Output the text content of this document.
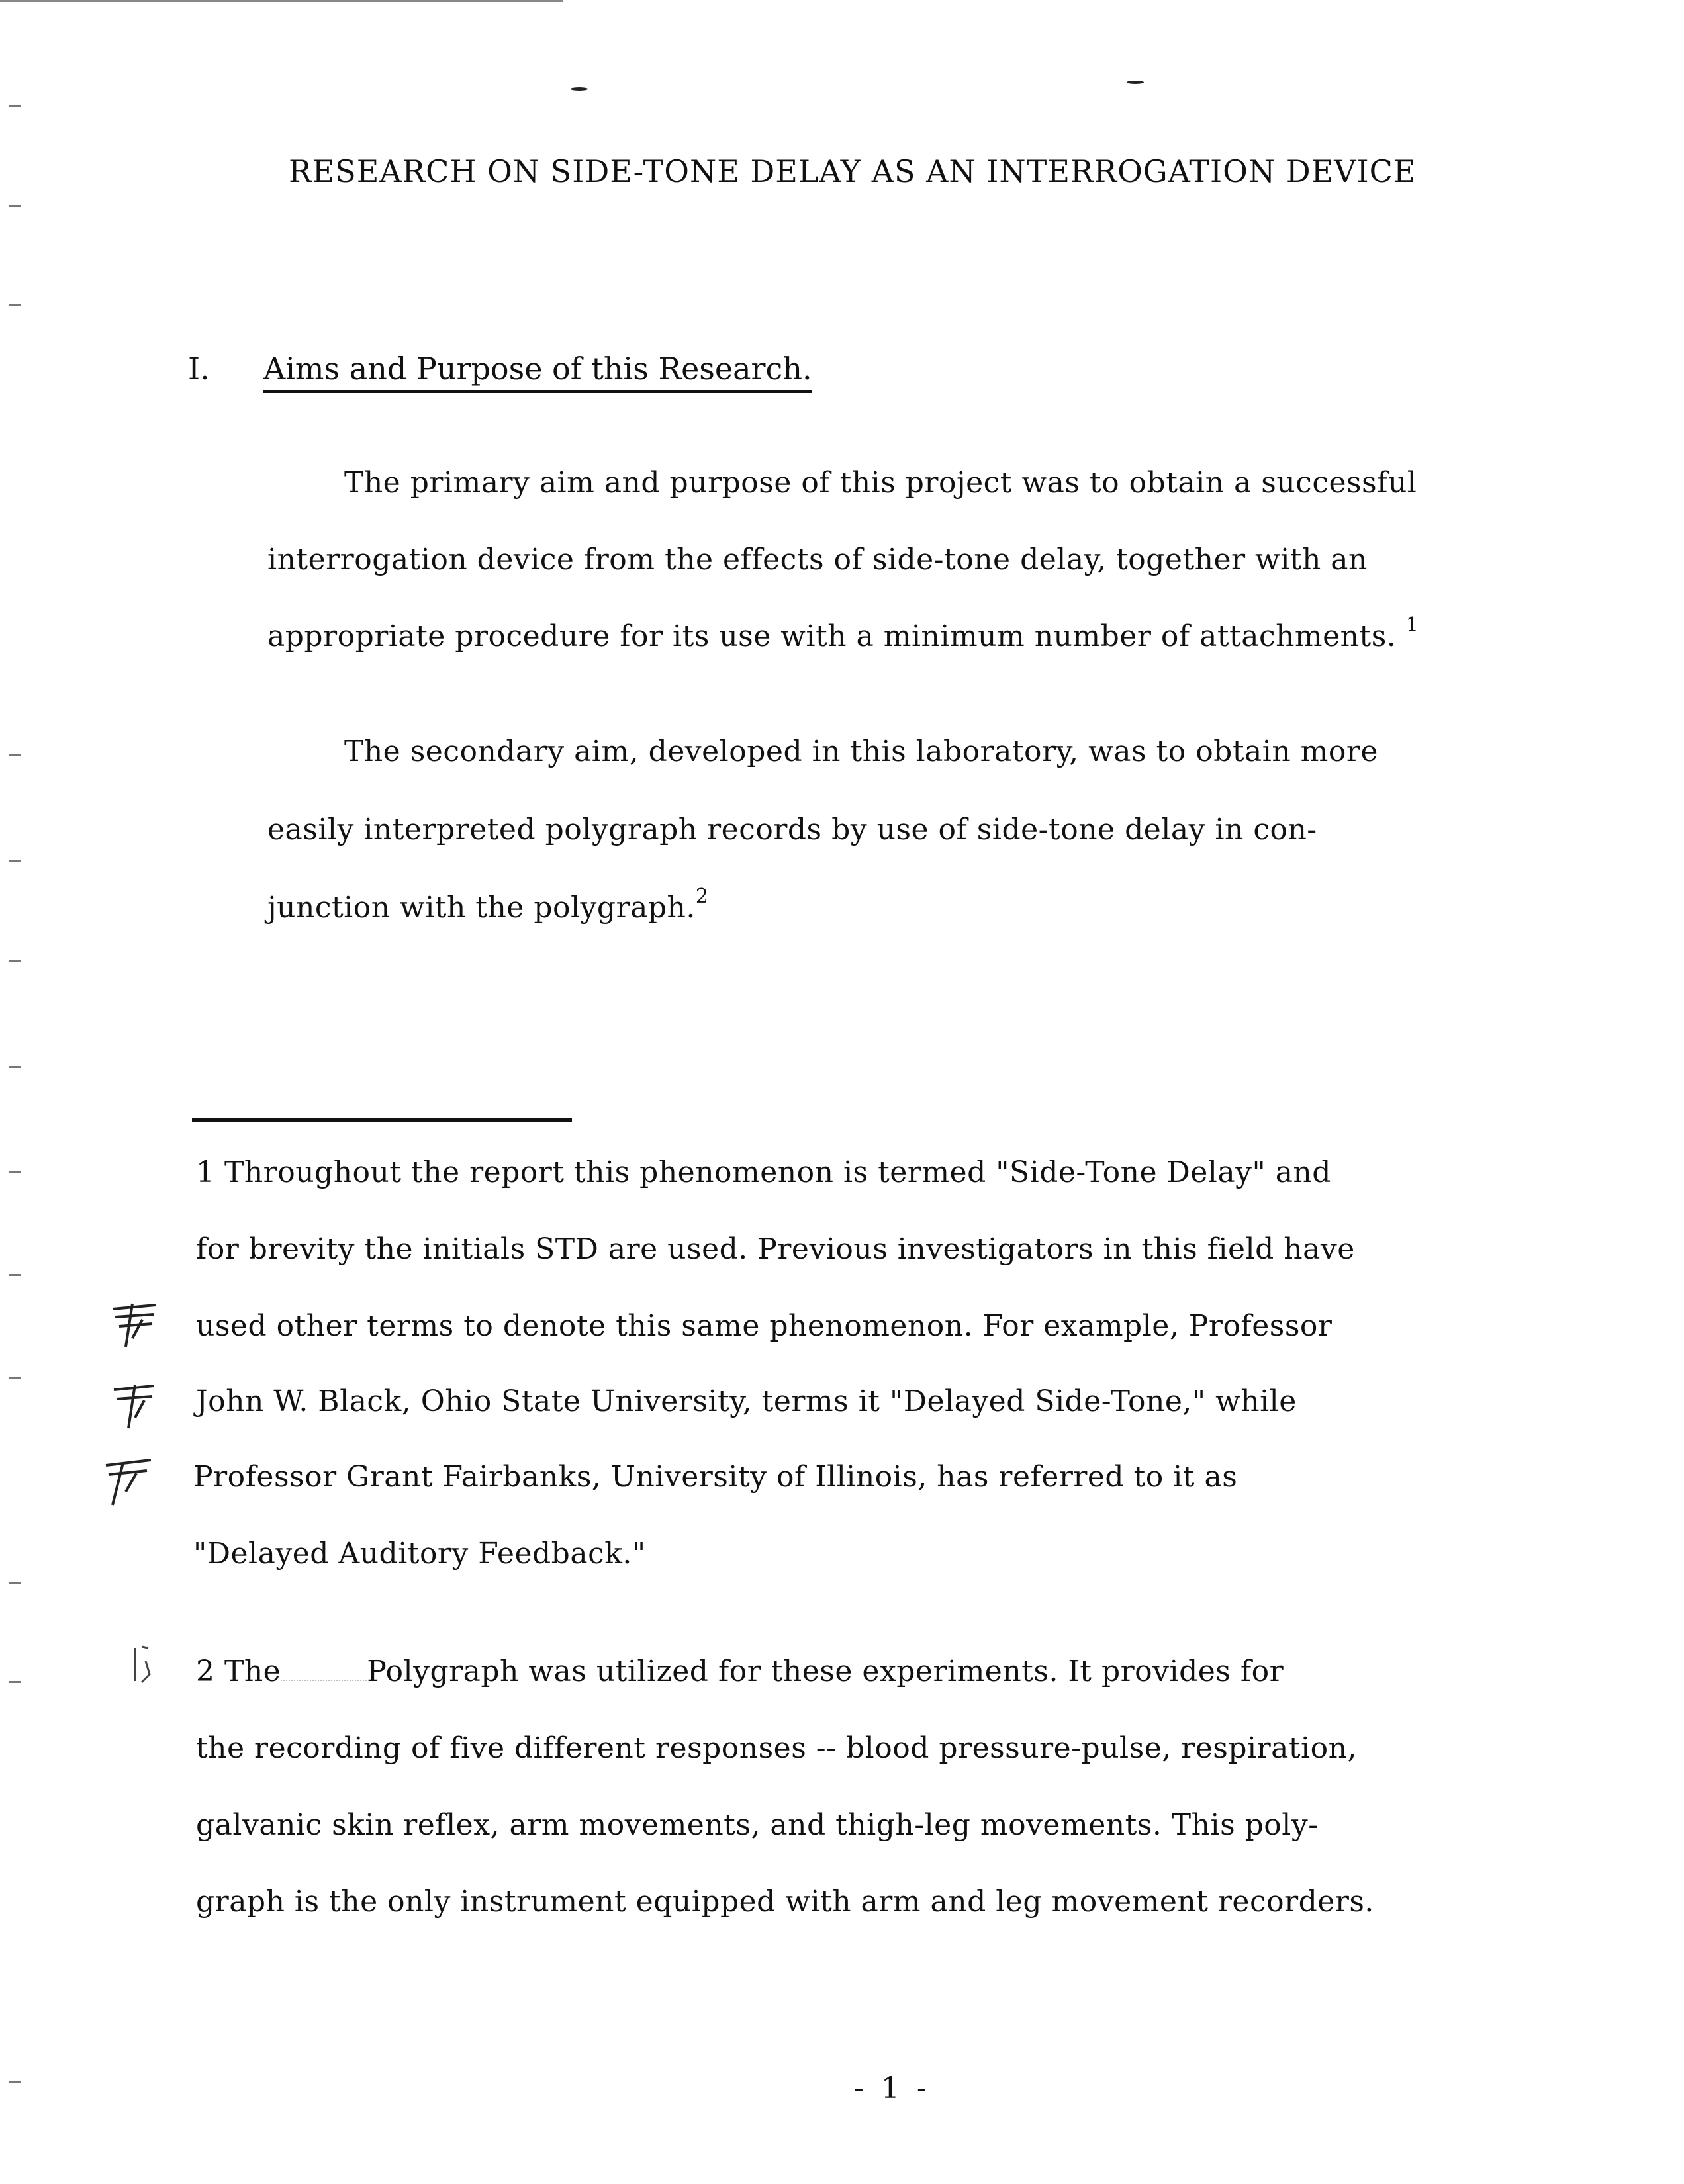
RESEARCH ON SIDE-TONE DELAY AS AN INTERROGATION DEVICE
I. Aims and Purpose of this Research.
The primary aim and purpose of this project was to obtain a successful
interrogation device from the effects of side-tone delay, together with an
appropriate procedure for its use with a minimum number of attachments. $^1$
The secondary aim, developed in this laboratory, was to obtain more
easily interpreted polygraph records by use of side-tone delay in con-
junction with the polygraph.$^2$
1 Throughout the report this phenomenon is termed "Side-Tone Delay" and
for brevity the initials STD are used. Previous investigators in this field have
used other terms to denote this same phenomenon. For example, Professor
John W. Black, Ohio State University, terms it "Delayed Side-Tone," while
Professor Grant Fairbanks, University of Illinois, has referred to it as
"Delayed Auditory Feedback."
2 The	Polygraph was utilized for these experiments. It provides for
the recording of five different responses -- blood pressure-pulse, respiration,
galvanic skin reflex, arm movements, and thigh-leg movements. This poly-
graph is the only instrument equipped with arm and leg movement recorders.
- 1 -
